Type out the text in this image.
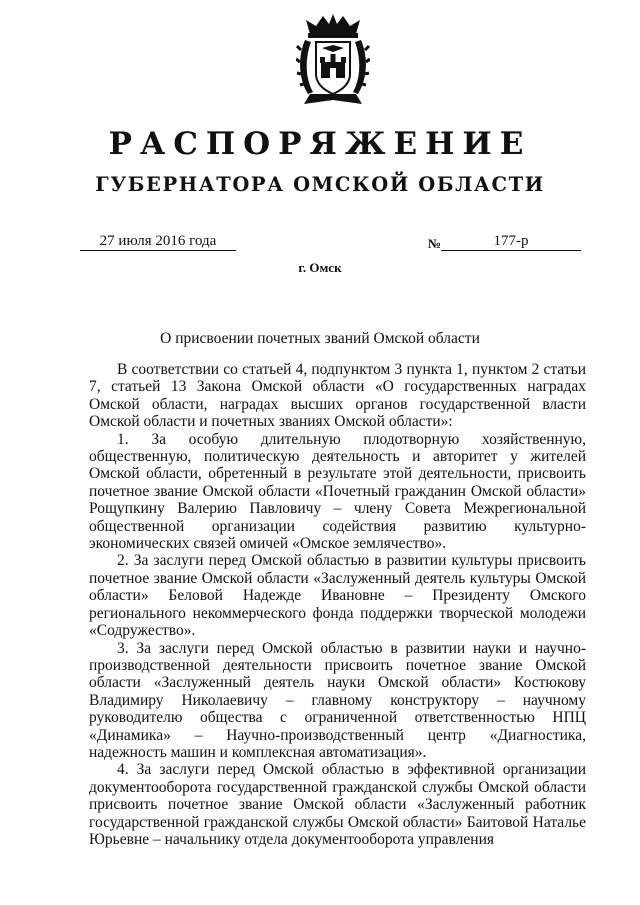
РАСПОРЯЖЕНИЕ
ГУБЕРНАТОРА ОМСКОЙ ОБЛАСТИ
27 июля 2016 года	№	177-р
г. Омск
О присвоении почетных званий Омской области

В соответствии со статьей 4, подпунктом 3 пункта 1, пунктом 2 статьи 7, статьей 13 Закона Омской области «О государственных наградах Омской области, наградах высших органов государственной власти Омской области и почетных званиях Омской области»:

1. За особую длительную плодотворную хозяйственную, общественную, политическую деятельность и авторитет у жителей Омской области, обретенный в результате этой деятельности, присвоить почетное звание Омской области «Почетный гражданин Омской области» Рощупкину Валерию Павловичу – члену Совета Межрегиональной общественной организации содействия развитию культурно-экономических связей омичей «Омское землячество».

2. За заслуги перед Омской областью в развитии культуры присвоить почетное звание Омской области «Заслуженный деятель культуры Омской области» Беловой Надежде Ивановне – Президенту Омского регионального некоммерческого фонда поддержки творческой молодежи «Содружество».

3. За заслуги перед Омской областью в развитии науки и научно-производственной деятельности присвоить почетное звание Омской области «Заслуженный деятель науки Омской области» Костюкову Владимиру Николаевичу – главному конструктору – научному руководителю общества с ограниченной ответственностью НПЦ «Динамика» – Научно-производственный центр «Диагностика, надежность машин и комплексная автоматизация».

4. За заслуги перед Омской областью в эффективной организации документооборота государственной гражданской службы Омской области присвоить почетное звание Омской области «Заслуженный работник государственной гражданской службы Омской области» Баитовой Наталье Юрьевне – начальнику отдела документооборота управления
